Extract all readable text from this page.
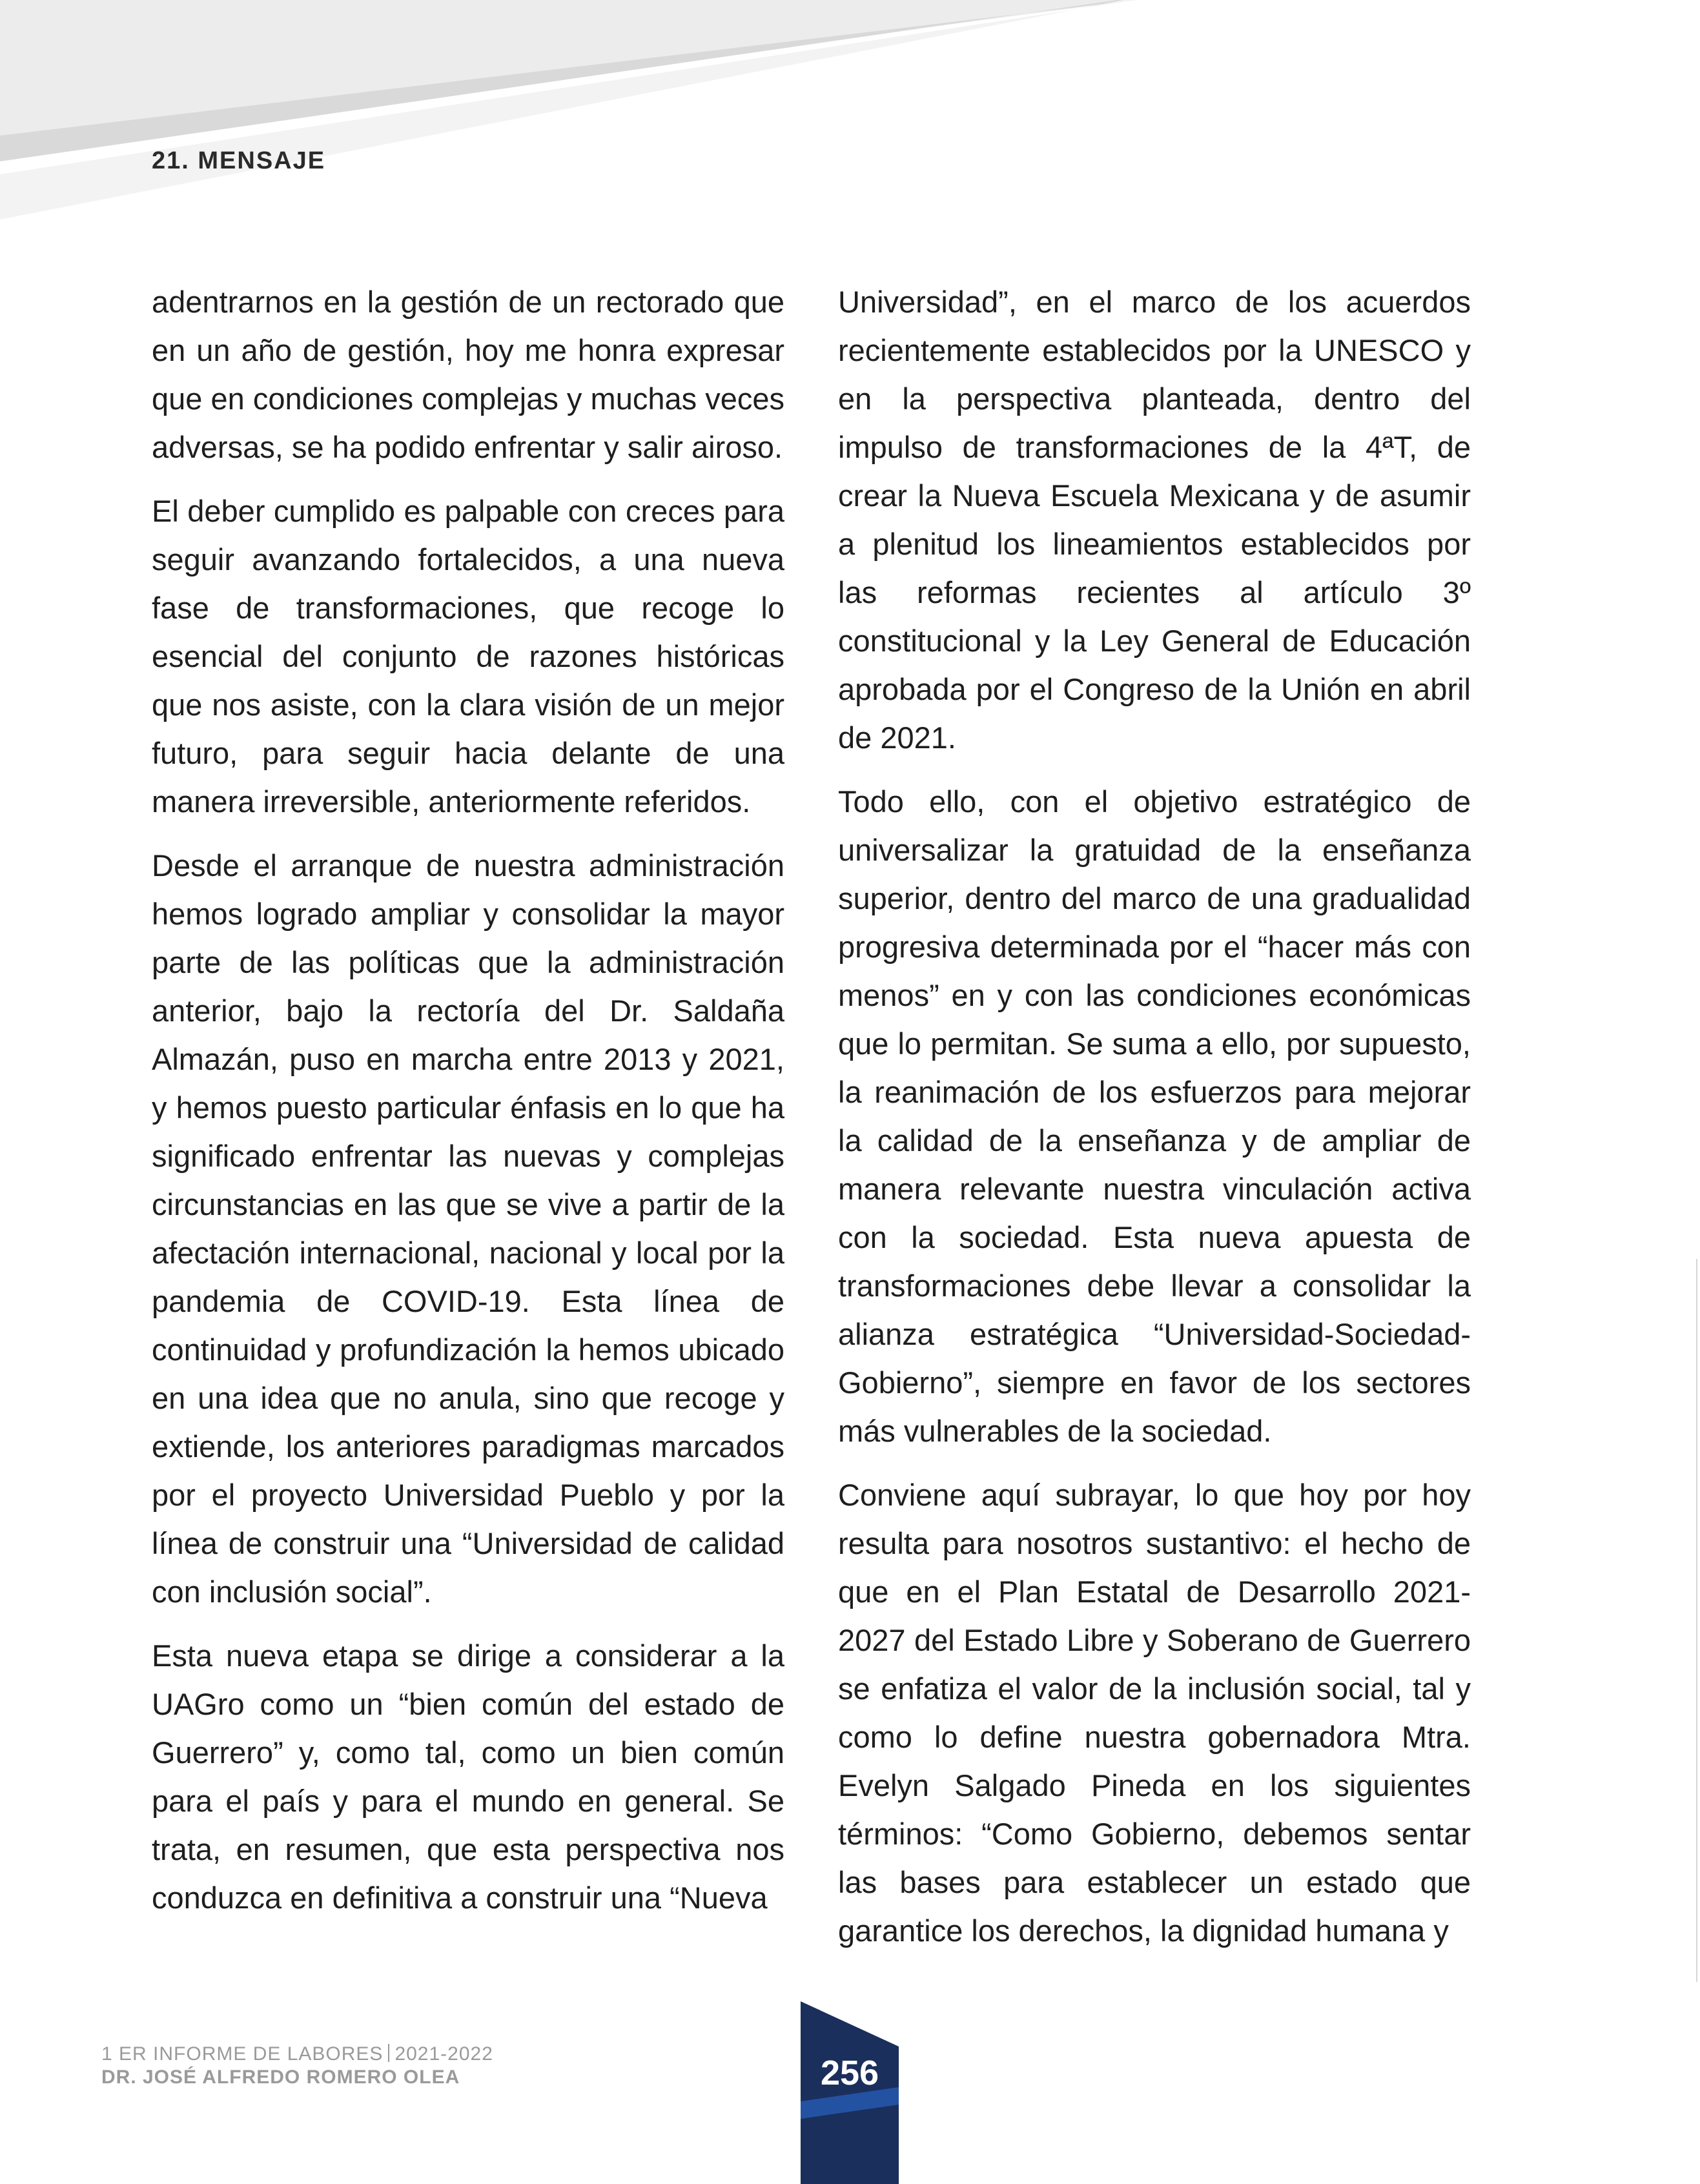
21. MENSAJE

adentrarnos en la gestión de un rectorado que en un año de gestión, hoy me honra expresar que en condiciones complejas y muchas veces adversas, se ha podido enfrentar y salir airoso.

El deber cumplido es palpable con creces para seguir avanzando fortalecidos, a una nueva fase de transformaciones, que recoge lo esencial del conjunto de razones históricas que nos asiste, con la clara visión de un mejor futuro, para seguir hacia delante de una manera irreversible, anteriormente referidos.

Desde el arranque de nuestra administración hemos logrado ampliar y consolidar la mayor parte de las políticas que la administración anterior, bajo la rectoría del Dr. Saldaña Almazán, puso en marcha entre 2013 y 2021, y hemos puesto particular énfasis en lo que ha significado enfrentar las nuevas y complejas circunstancias en las que se vive a partir de la afectación internacional, nacional y local por la pandemia de COVID-19. Esta línea de continuidad y profundización la hemos ubicado en una idea que no anula, sino que recoge y extiende, los anteriores paradigmas marcados por el proyecto Universidad Pueblo y por la línea de construir una “Universidad de calidad con inclusión social”.

Esta nueva etapa se dirige a considerar a la UAGro como un “bien común del estado de Guerrero” y, como tal, como un bien común para el país y para el mundo en general. Se trata, en resumen, que esta perspectiva nos conduzca en definitiva a construir una “Nueva

Universidad”, en el marco de los acuerdos recientemente establecidos por la UNESCO y en la perspectiva planteada, dentro del impulso de transformaciones de la 4ªT, de crear la Nueva Escuela Mexicana y de asumir a plenitud los lineamientos establecidos por las reformas recientes al artículo 3º constitucional y la Ley General de Educación aprobada por el Congreso de la Unión en abril de 2021.

Todo ello, con el objetivo estratégico de universalizar la gratuidad de la enseñanza superior, dentro del marco de una gradualidad progresiva determinada por el “hacer más con menos” en y con las condiciones económicas que lo permitan. Se suma a ello, por supuesto, la reanimación de los esfuerzos para mejorar la calidad de la enseñanza y de ampliar de manera relevante nuestra vinculación activa con la sociedad. Esta nueva apuesta de transformaciones debe llevar a consolidar la alianza estratégica “Universidad-Sociedad-Gobierno”, siempre en favor de los sectores más vulnerables de la sociedad.

Conviene aquí subrayar, lo que hoy por hoy resulta para nosotros sustantivo: el hecho de que en el Plan Estatal de Desarrollo 2021-2027 del Estado Libre y Soberano de Guerrero se enfatiza el valor de la inclusión social, tal y como lo define nuestra gobernadora Mtra. Evelyn Salgado Pineda en los siguientes términos: “Como Gobierno, debemos sentar las bases para establecer un estado que garantice los derechos, la dignidad humana y

1 ER INFORME DE LABORES 2021-2022
DR. JOSÉ ALFREDO ROMERO OLEA	256
